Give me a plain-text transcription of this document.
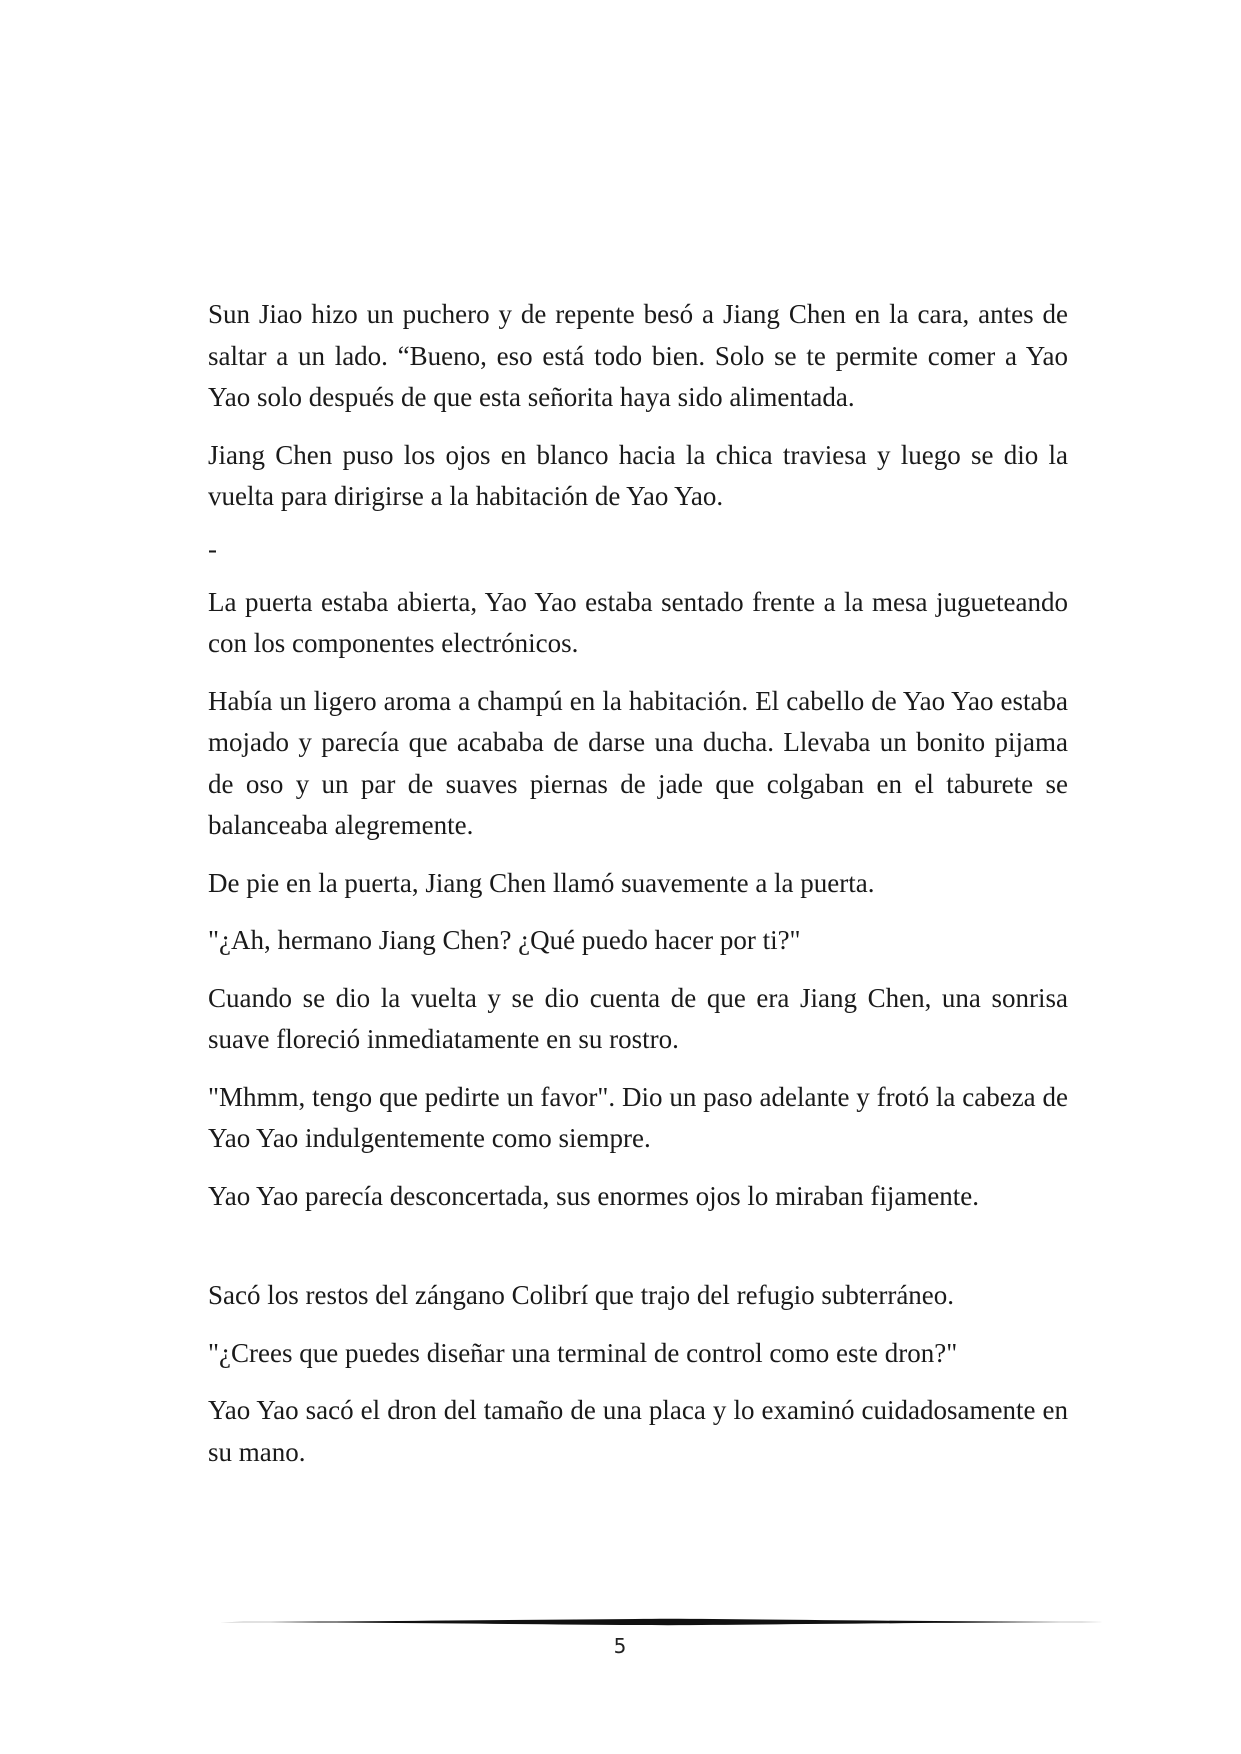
Sun Jiao hizo un puchero y de repente besó a Jiang Chen en la cara, antes de saltar a un lado. “Bueno, eso está todo bien. Solo se te permite comer a Yao Yao solo después de que esta señorita haya sido alimentada.

Jiang Chen puso los ojos en blanco hacia la chica traviesa y luego se dio la vuelta para dirigirse a la habitación de Yao Yao.

-

La puerta estaba abierta, Yao Yao estaba sentado frente a la mesa jugueteando con los componentes electrónicos.

Había un ligero aroma a champú en la habitación. El cabello de Yao Yao estaba mojado y parecía que acababa de darse una ducha. Llevaba un bonito pijama de oso y un par de suaves piernas de jade que colgaban en el taburete se balanceaba alegremente.

De pie en la puerta, Jiang Chen llamó suavemente a la puerta.

"¿Ah, hermano Jiang Chen? ¿Qué puedo hacer por ti?"

Cuando se dio la vuelta y se dio cuenta de que era Jiang Chen, una sonrisa suave floreció inmediatamente en su rostro.

"Mhmm, tengo que pedirte un favor". Dio un paso adelante y frotó la cabeza de Yao Yao indulgentemente como siempre.

Yao Yao parecía desconcertada, sus enormes ojos lo miraban fijamente.

Sacó los restos del zángano Colibrí que trajo del refugio subterráneo.

"¿Crees que puedes diseñar una terminal de control como este dron?"

Yao Yao sacó el dron del tamaño de una placa y lo examinó cuidadosamente en su mano.

5
